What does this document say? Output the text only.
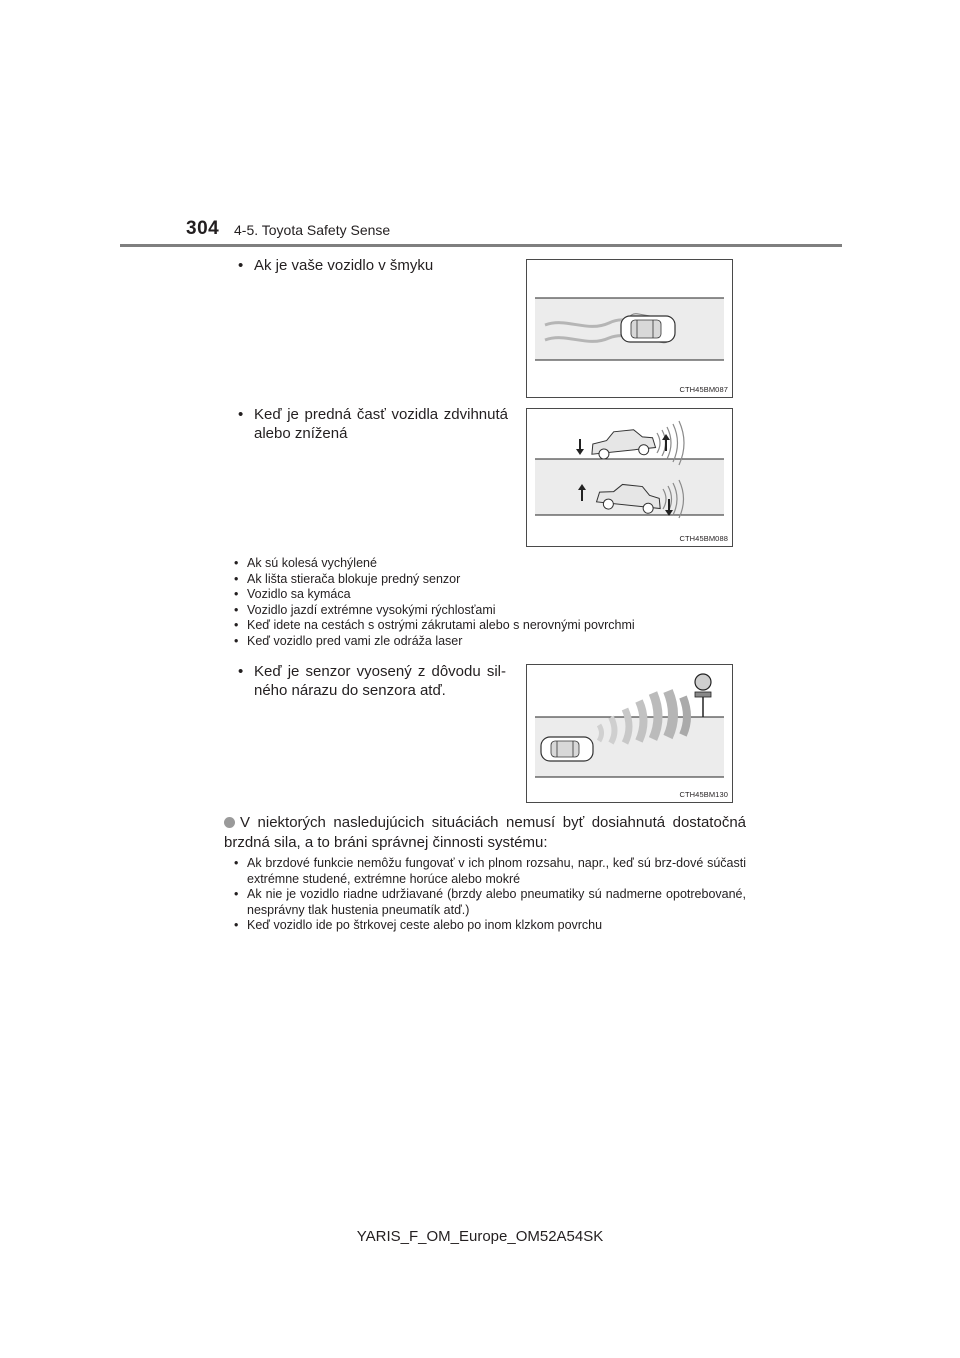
304 4-5. Toyota Safety Sense
• Ak je vaše vozidlo v šmyku
CTH45BM087
• Keď je predná časť vozidla zdvihnutá alebo znížená
CTH45BM088
• Ak sú kolesá vychýlené
• Ak lišta stierača blokuje predný senzor
• Vozidlo sa kymáca
• Vozidlo jazdí extrémne vysokými rýchlosťami
• Keď idete na cestách s ostrými zákrutami alebo s nerovnými povrchmi
• Keď vozidlo pred vami zle odráža laser
• Keď je senzor vyosený z dôvodu sil-ného nárazu do senzora atď.
CTH45BM130
V niektorých nasledujúcich situáciách nemusí byť dosiahnutá dostatočná brzdná sila, a to bráni správnej činnosti systému:
• Ak brzdové funkcie nemôžu fungovať v ich plnom rozsahu, napr., keď sú brz-dové súčasti extrémne studené, extrémne horúce alebo mokré
• Ak nie je vozidlo riadne udržiavané (brzdy alebo pneumatiky sú nadmerne opotrebované, nesprávny tlak hustenia pneumatík atď.)
• Keď vozidlo ide po štrkovej ceste alebo po inom klzkom povrchu
YARIS_F_OM_Europe_OM52A54SK
